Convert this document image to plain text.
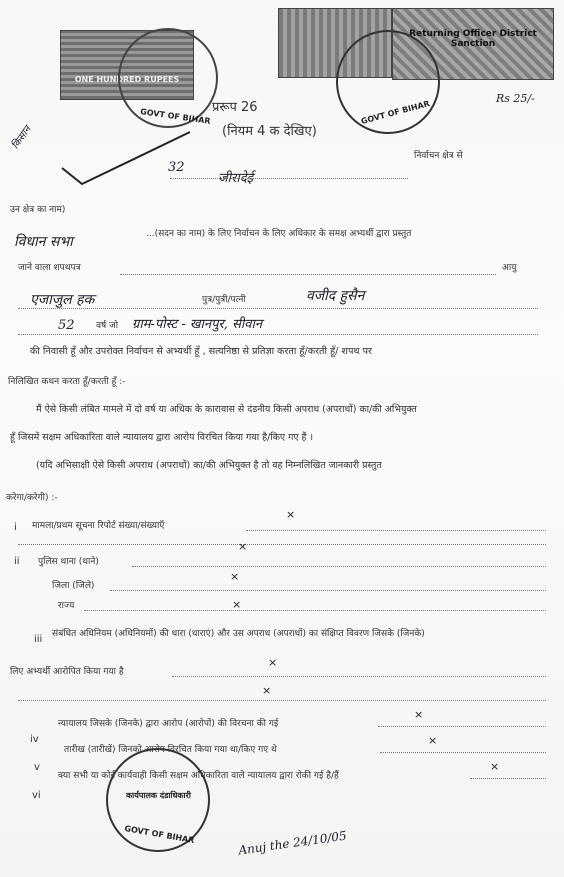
ONE HUNDRED RUPEES
GOVT OF BIHAR
Returning Officer District Sanction
GOVT OF BIHAR
Rs 25/-
किसान
प्ररूप 26
(नियम 4 क देखिए)
32
जीरादेई
निर्वाचन क्षेत्र से
उन क्षेत्र का नाम)
विधान सभा	...(सदन का नाम) के लिए निर्वाचन के लिए अधिकार के समक्ष अभ्यर्थी द्वारा प्रस्तुत
जाने वाला शपथपत्र	आयु
एजाजुल हक	पुत्र/पुत्री/पत्नी	वजीद हुसैन
52 वर्ष जो ग्राम-पोस्ट - खानपुर, सीवान
की निवासी हूँ और उपरोक्त निर्वाचन से अभ्यर्थी हूँ , सत्यनिष्ठा से प्रतिज्ञा करता हूँ/करती हूँ/ शपथ पर
निलिखित कथन करता हूँ/करती हूँ :-
मैं ऐसे किसी लंबित मामले में दो वर्ष या अधिक के कारावास से दंडनीय किसी अपराध (अपराधों) का/की अभियुक्त
हूँ जिसमें सक्षम अधिकारिता वाले न्यायालय द्वारा आरोप विरचित किया गया है/किए गए हैं ।
(यदि अभिसाक्षी ऐसे किसी अपराध (अपराधों) का/की अभियुक्त है तो वह निम्नलिखित जानकारी प्रस्तुत
करेगा/करेगी) :-
i मामला/प्रथम सूचना रिपोर्ट संख्या/संख्याएँ
×
ii पुलिस थाना (थाने)
×
जिला (जिले)
×
राज्य	×
iii संबंधित अधिनियम (अधिनियमों) की धारा (धाराएं) और उस अपराध (अपराधों) का संक्षिप्त विवरण जिसके (जिनके)
लिए अभ्यर्थी आरोपित किया गया है
×
×
iv
न्यायालय जिसके (जिनके) द्वारा आरोप (आरोपों) की विरचना की गई
×
v
तारीख (तारीखें) जिनको आरोप विरचित किया गया था/किए गए थे
×
vi
क्या सभी या कोई कार्यवाही किसी सक्षम अधिकारिता वाले न्यायालय द्वारा रोकी गई है/हैं
×
कार्यपालक दंडाधिकारी
GOVT OF BIHAR	Anuj the 24/10/05
